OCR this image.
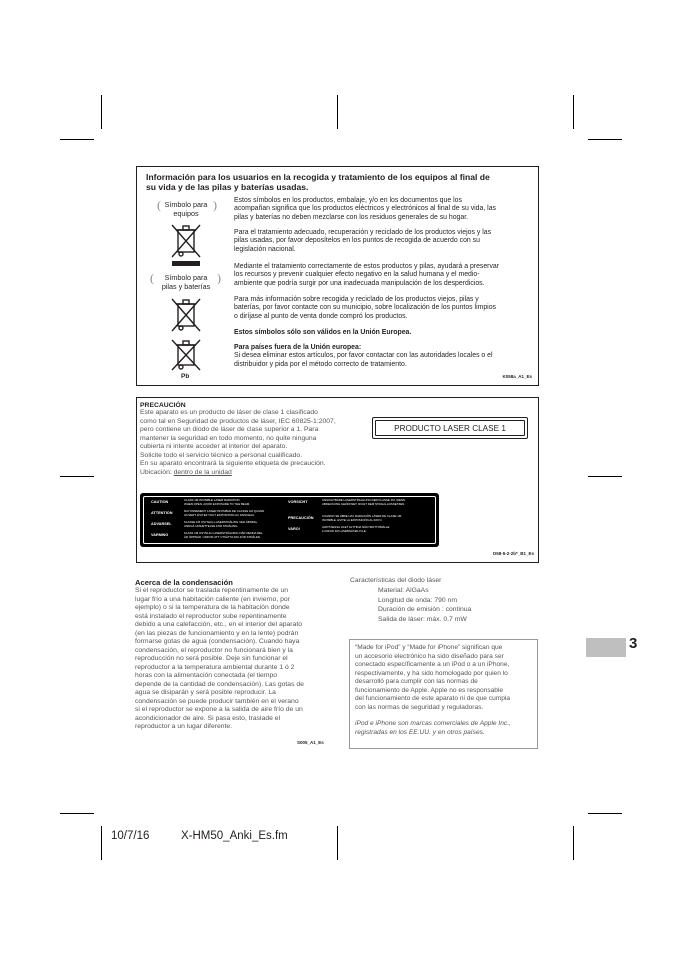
Información para los usuarios en la recogida y tratamiento de los equipos al final de
su vida y de las pilas y baterías usadas.
( Símbolo para
equipos
)
(	Símbolo para
pilas y baterías
)
Pb
Estos símbolos en los productos, embalaje, y/o en los documentos que los
acompañan significa que los productos eléctricos y electrónicos al final de su vida, las
pilas y baterías no deben mezclarse con los residuos generales de su hogar.
Para el tratamiento adecuado, recuperación y reciclado de los productos viejos y las
pilas usadas, por favor deposítelos en los puntos de recogida de acuerdo con su
legislación nacional.
Mediante el tratamiento correctamente de estos productos y pilas, ayudará a preservar
los recursos y prevenir cualquier efecto negativo en la salud humana y el medio-
ambiente que podría surgir por una inadecuada manipulación de los desperdicios.
Para más información sobre recogida y reciclado de los productos viejos, pilas y
baterías, por favor contacte con su municipio, sobre localización de los puntos limpios
o diríjase al punto de venta donde compró los productos.
Estos símbolos sólo son válidos en la Unión Europea.
Para países fuera de la Unión europea:
Si desea eliminar estos artículos, por favor contactar con las autoridades locales o el
distribuidor y pida por el método correcto de tratamiento.
K058a_A1_Es
PRECAUCIÓN
Este aparato es un producto de láser de clase 1 clasificado
como tal en Seguridad de productos de láser, IEC 60825-1:2007,
pero contiene un diodo de láser de clase superior a 1. Para
mantener la seguridad en todo momento, no quite ninguna
cubierta ni intente acceder al interior del aparato.
Solicite todo el servicio técnico a personal cualificado.
En su aparato encontrará la siguiente etiqueta de precaución.
Ubicación: dentro de la unidad
PRODUCTO LASER CLASE 1
CAUTION	CLASS 1M INVISIBLE LASER RADIATION
WHEN OPEN, AVOID EXPOSURE TO THE BEAM.
ATTENTION	RAYONNEMENT LASER INVISIBLE DE CLASSE 1M QUAND
OUVERT. ÉVITEZ TOUT EXPOSITION AU FAISCEAU.
ADVARSEL	KLASSE 1M USYNLIG LASERSTRÅLING VED ÅBNING.
UNDGÅ UDSÆTTELSE FOR STRÅLING.
VARNING	KLASS 1M OSYNLIG LASERSTRÅLNING NÄR DENNA DEL
ÄR ÖPPNAD. UNDVIK ATT UTSÄTTA DIG FÖR STRÅLEN.
VORSICHT	UNSICHTBARE LASERSTRAHLUNG DER KLASSE 1M, WENN
ABDECKUNG GEÖFFNET. NICHT DEM STRAHL AUSSETZEN.
PRECAUCIÓN	CUANDO SE ABRE HAY RADIACIÓN LÁSER DE CLASE 1M
INVISIBLE. EVITE LA EXPOSICIÓN AL RAYO.
VARO!	AVATTAESSA OLET ALTTIINA NÄKYMÄTTÖMÄLLE
LUOKAN 1M LASERSÄTEILYLLE.
D58-5-2-2b*_B1_Es
Acerca de la condensación
Si el reproductor se traslada repentinamente de un
lugar frío a una habitación caliente (en invierno, por
ejemplo) o si la temperatura de la habitación donde
está instalado el reproductor sube repentinamente
debido a una calefacción, etc., en el interior del aparato
(en las piezas de funcionamiento y en la lente) podrán
formarse gotas de agua (condensación). Cuando haya
condensación, el reproductor no funcionará bien y la
reproducción no será posible. Deje sin funcionar el
reproductor a la temperatura ambiental durante 1 ó 2
horas con la alimentación conectada (el tiempo
depende de la cantidad de condensación). Las gotas de
agua se disiparán y será posible reproducir. La
condensación se puede producir también en el verano
si el reproductor se expone a la salida de aire frío de un
acondicionador de aire. Si pasa esto, traslade el
reproductor a un lugar diferente.
S005_A1_Es
Características del diodo láser
Material: AlGaAs
Longitud de onda: 790 nm
Duración de emisión : continua
Salida de láser: máx. 0.7 mW
“Made for iPod” y “Made for iPhone” significan que
un accesorio electrónico ha sido diseñado para ser
conectado específicamente a un iPod o a un iPhone,
respectivamente, y ha sido homologado por quien lo
desarrolló para cumplir con las normas de
funcionamiento de Apple. Apple no es responsable
del funcionamiento de este aparato ni de que cumpla
con las normas de seguridad y reguladoras.
iPod e iPhone son marcas comerciales de Apple Inc.,
registradas en los EE.UU. y en otros países.
3
10/7/16	X-HM50_Anki_Es.fm
